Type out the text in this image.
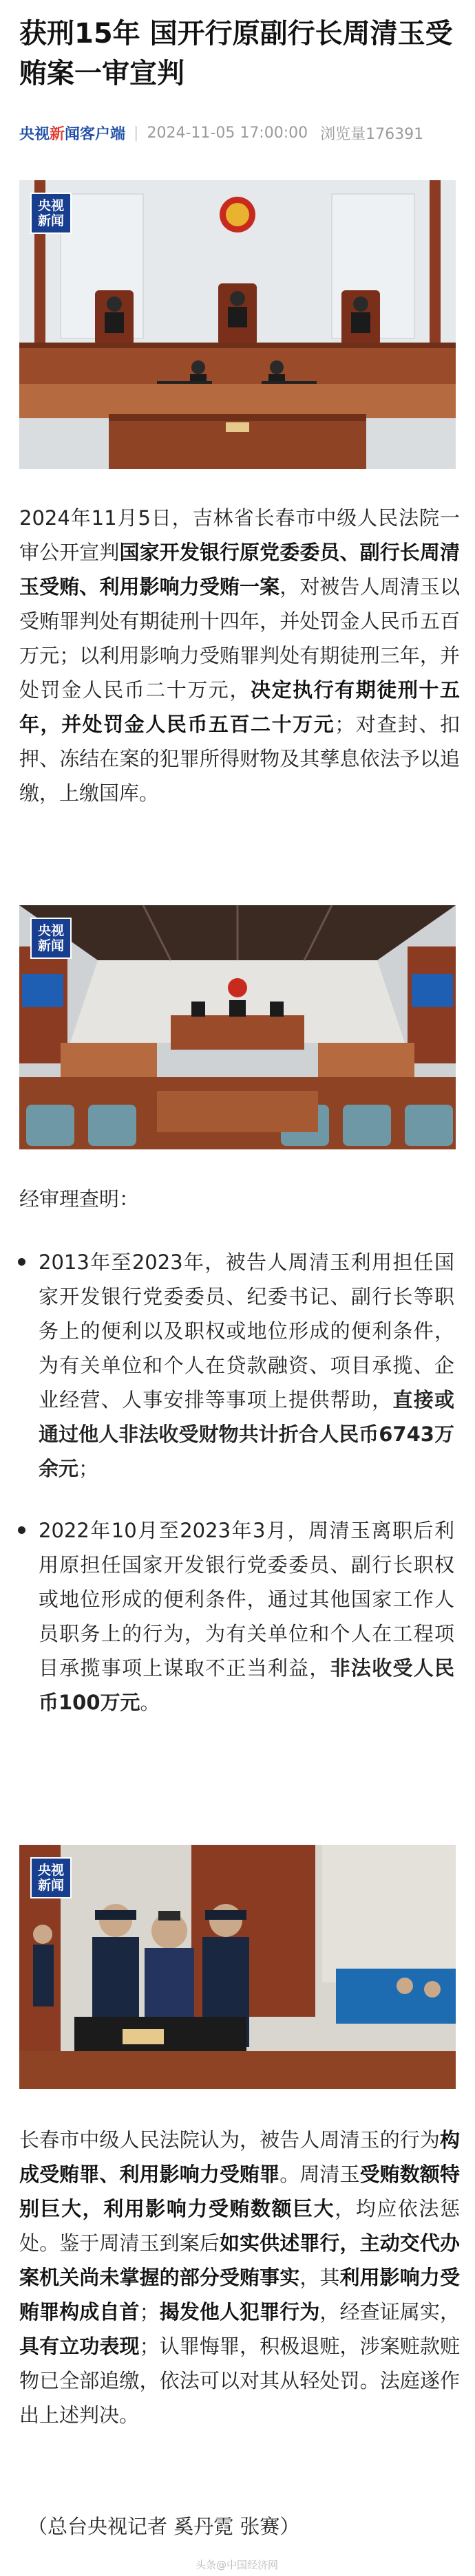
获刑15年 国开行原副行长周清玉受贿案一审宣判
央视新闻客户端 | 2024-11-05 17:00:00 浏览量176391
央视新闻

2024年11月5日，吉林省长春市中级人民法院一审公开宣判国家开发银行原党委委员、副行长周清玉受贿、利用影响力受贿一案，对被告人周清玉以受贿罪判处有期徒刑十四年，并处罚金人民币五百万元；以利用影响力受贿罪判处有期徒刑三年，并处罚金人民币二十万元，决定执行有期徒刑十五年，并处罚金人民币五百二十万元；对查封、扣押、冻结在案的犯罪所得财物及其孳息依法予以追缴，上缴国库。

央视新闻

经审理查明：

2013年至2023年，被告人周清玉利用担任国家开发银行党委委员、纪委书记、副行长等职务上的便利以及职权或地位形成的便利条件，为有关单位和个人在贷款融资、项目承揽、企业经营、人事安排等事项上提供帮助，直接或通过他人非法收受财物共计折合人民币6743万余元；
2022年10月至2023年3月，周清玉离职后利用原担任国家开发银行党委委员、副行长职权或地位形成的便利条件，通过其他国家工作人员职务上的行为，为有关单位和个人在工程项目承揽事项上谋取不正当利益，非法收受人民币100万元。
央视新闻

长春市中级人民法院认为，被告人周清玉的行为构成受贿罪、利用影响力受贿罪。周清玉受贿数额特别巨大，利用影响力受贿数额巨大，均应依法惩处。鉴于周清玉到案后如实供述罪行，主动交代办案机关尚未掌握的部分受贿事实，其利用影响力受贿罪构成自首；揭发他人犯罪行为，经查证属实，具有立功表现；认罪悔罪，积极退赃，涉案赃款赃物已全部追缴，依法可以对其从轻处罚。法庭遂作出上述判决。

（总台央视记者 奚丹霓 张赛）
头条@中国经济网
